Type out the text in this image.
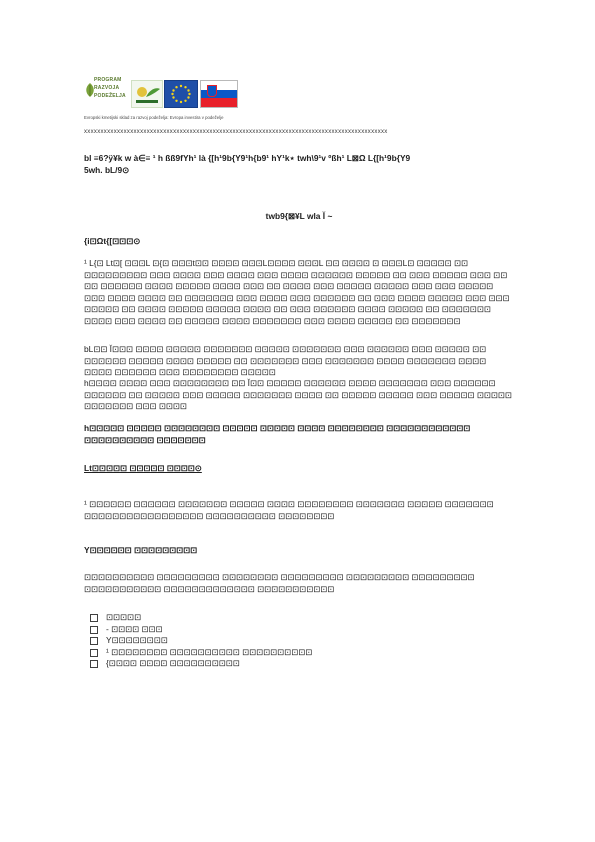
PROGRAM RAZVOJA PODEŽELJA
Evropski kmetijski sklad za razvoj podeželja: Evropa investira v podeželje
xxxxxxxxxxxxxxxxxxxxxxxxxxxxxxxxxxxxxxxxxxxxxxxxxxxxxxxxxxxxxxxxxxxxxxxxxxxxxxxxxxxxxxxxxxxx
bl ≡6?ÿ¥k w à∈≡ ¹ h ßß9fYh¹ là {[h¹9b{Y9¹h{b9¹ hY¹k⋆ twh\9¹v ºßh¹ L⊠Ω L{[h¹9b{Y9
5wh. bL/9⊙
twb9{⊠¥L wla Ĭ ~
{i⊡Ωt{[⊡⊡⊡⊙
¹ L{⊡ Lt⊡[ ⊡⊡⊡L ⊡{⊡ ⊡⊡⊡t⊡⊡ ⊡⊡⊡⊡ ⊡⊡⊡L⊡⊡⊡⊡ ⊡⊡⊡L ⊡⊡ ⊡⊡⊡⊡ ⊡ ⊡⊡⊡L⊡ ⊡⊡⊡⊡⊡ ⊡⊡ ⊡⊡⊡⊡⊡⊡⊡⊡⊡ ⊡⊡⊡ ⊡⊡⊡⊡ ⊡⊡⊡ ⊡⊡⊡⊡ ⊡⊡⊡ ⊡⊡⊡⊡ ⊡⊡⊡⊡⊡⊡ ⊡⊡⊡⊡⊡ ⊡⊡ ⊡⊡⊡ ⊡⊡⊡⊡⊡ ⊡⊡⊡ ⊡⊡ ⊡⊡ ⊡⊡⊡⊡⊡⊡ ⊡⊡⊡⊡ ⊡⊡⊡⊡⊡ ⊡⊡⊡⊡ ⊡⊡⊡ ⊡⊡ ⊡⊡⊡⊡ ⊡⊡⊡ ⊡⊡⊡⊡⊡ ⊡⊡⊡⊡⊡ ⊡⊡⊡ ⊡⊡⊡ ⊡⊡⊡⊡⊡ ⊡⊡⊡ ⊡⊡⊡⊡ ⊡⊡⊡⊡ ⊡⊡ ⊡⊡⊡⊡⊡⊡⊡ ⊡⊡⊡ ⊡⊡⊡⊡ ⊡⊡⊡ ⊡⊡⊡⊡⊡⊡ ⊡⊡ ⊡⊡⊡ ⊡⊡⊡⊡ ⊡⊡⊡⊡⊡ ⊡⊡⊡ ⊡⊡⊡ ⊡⊡⊡⊡⊡ ⊡⊡ ⊡⊡⊡⊡ ⊡⊡⊡⊡⊡ ⊡⊡⊡⊡⊡ ⊡⊡⊡⊡ ⊡⊡ ⊡⊡⊡ ⊡⊡⊡⊡⊡⊡ ⊡⊡⊡⊡ ⊡⊡⊡⊡⊡ ⊡⊡ ⊡⊡⊡⊡⊡⊡⊡ ⊡⊡⊡⊡ ⊡⊡⊡ ⊡⊡⊡⊡ ⊡⊡ ⊡⊡⊡⊡⊡ ⊡⊡⊡⊡ ⊡⊡⊡⊡⊡⊡⊡ ⊡⊡⊡ ⊡⊡⊡⊡ ⊡⊡⊡⊡⊡ ⊡⊡ ⊡⊡⊡⊡⊡⊡⊡
bL⊡⊡ Ĭ⊡⊡⊡ ⊡⊡⊡⊡ ⊡⊡⊡⊡⊡ ⊡⊡⊡⊡⊡⊡⊡ ⊡⊡⊡⊡⊡ ⊡⊡⊡⊡⊡⊡⊡ ⊡⊡⊡ ⊡⊡⊡⊡⊡⊡ ⊡⊡⊡ ⊡⊡⊡⊡⊡ ⊡⊡ ⊡⊡⊡⊡⊡⊡ ⊡⊡⊡⊡⊡ ⊡⊡⊡⊡ ⊡⊡⊡⊡⊡ ⊡⊡ ⊡⊡⊡⊡⊡⊡⊡ ⊡⊡⊡ ⊡⊡⊡⊡⊡⊡⊡ ⊡⊡⊡⊡ ⊡⊡⊡⊡⊡⊡⊡ ⊡⊡⊡⊡ ⊡⊡⊡⊡ ⊡⊡⊡⊡⊡⊡ ⊡⊡⊡ ⊡⊡⊡⊡⊡⊡⊡⊡ ⊡⊡⊡⊡⊡
h⊡⊡⊡⊡ ⊡⊡⊡⊡ ⊡⊡⊡ ⊡⊡⊡⊡⊡⊡⊡⊡ ⊡⊡ Ĭ⊡⊡ ⊡⊡⊡⊡⊡ ⊡⊡⊡⊡⊡⊡ ⊡⊡⊡⊡ ⊡⊡⊡⊡⊡⊡⊡ ⊡⊡⊡ ⊡⊡⊡⊡⊡⊡ ⊡⊡⊡⊡⊡⊡ ⊡⊡ ⊡⊡⊡⊡⊡ ⊡⊡⊡ ⊡⊡⊡⊡⊡ ⊡⊡⊡⊡⊡⊡⊡ ⊡⊡⊡⊡ ⊡⊡ ⊡⊡⊡⊡⊡ ⊡⊡⊡⊡⊡ ⊡⊡⊡ ⊡⊡⊡⊡⊡ ⊡⊡⊡⊡⊡ ⊡⊡⊡⊡⊡⊡⊡ ⊡⊡⊡ ⊡⊡⊡⊡
h⊡⊡⊡⊡⊡ ⊡⊡⊡⊡⊡ ⊡⊡⊡⊡⊡⊡⊡⊡ ⊡⊡⊡⊡⊡ ⊡⊡⊡⊡⊡ ⊡⊡⊡⊡ ⊡⊡⊡⊡⊡⊡⊡⊡ ⊡⊡⊡⊡⊡⊡⊡⊡⊡⊡⊡⊡ ⊡⊡⊡⊡⊡⊡⊡⊡⊡⊡ ⊡⊡⊡⊡⊡⊡⊡
Lt⊡⊡⊡⊡⊡ ⊡⊡⊡⊡⊡ ⊡⊡⊡⊡⊙
¹ ⊡⊡⊡⊡⊡⊡ ⊡⊡⊡⊡⊡⊡ ⊡⊡⊡⊡⊡⊡⊡ ⊡⊡⊡⊡⊡ ⊡⊡⊡⊡ ⊡⊡⊡⊡⊡⊡⊡⊡ ⊡⊡⊡⊡⊡⊡⊡ ⊡⊡⊡⊡⊡ ⊡⊡⊡⊡⊡⊡⊡ ⊡⊡⊡⊡⊡⊡⊡⊡⊡⊡⊡⊡⊡⊡⊡⊡⊡ ⊡⊡⊡⊡⊡⊡⊡⊡⊡⊡ ⊡⊡⊡⊡⊡⊡⊡⊡
Y⊡⊡⊡⊡⊡⊡ ⊡⊡⊡⊡⊡⊡⊡⊡⊡
⊡⊡⊡⊡⊡⊡⊡⊡⊡⊡ ⊡⊡⊡⊡⊡⊡⊡⊡⊡ ⊡⊡⊡⊡⊡⊡⊡⊡ ⊡⊡⊡⊡⊡⊡⊡⊡⊡ ⊡⊡⊡⊡⊡⊡⊡⊡⊡ ⊡⊡⊡⊡⊡⊡⊡⊡⊡ ⊡⊡⊡⊡⊡⊡⊡⊡⊡⊡⊡ ⊡⊡⊡⊡⊡⊡⊡⊡⊡⊡⊡⊡⊡ ⊡⊡⊡⊡⊡⊡⊡⊡⊡⊡⊡
⊡⊡⊡⊡⊡
- ⊡⊡⊡⊡ ⊡⊡⊡
Y⊡⊡⊡⊡⊡⊡⊡⊡
¹ ⊡⊡⊡⊡⊡⊡⊡⊡ ⊡⊡⊡⊡⊡⊡⊡⊡⊡⊡ ⊡⊡⊡⊡⊡⊡⊡⊡⊡⊡
{⊡⊡⊡⊡ ⊡⊡⊡⊡ ⊡⊡⊡⊡⊡⊡⊡⊡⊡⊡
